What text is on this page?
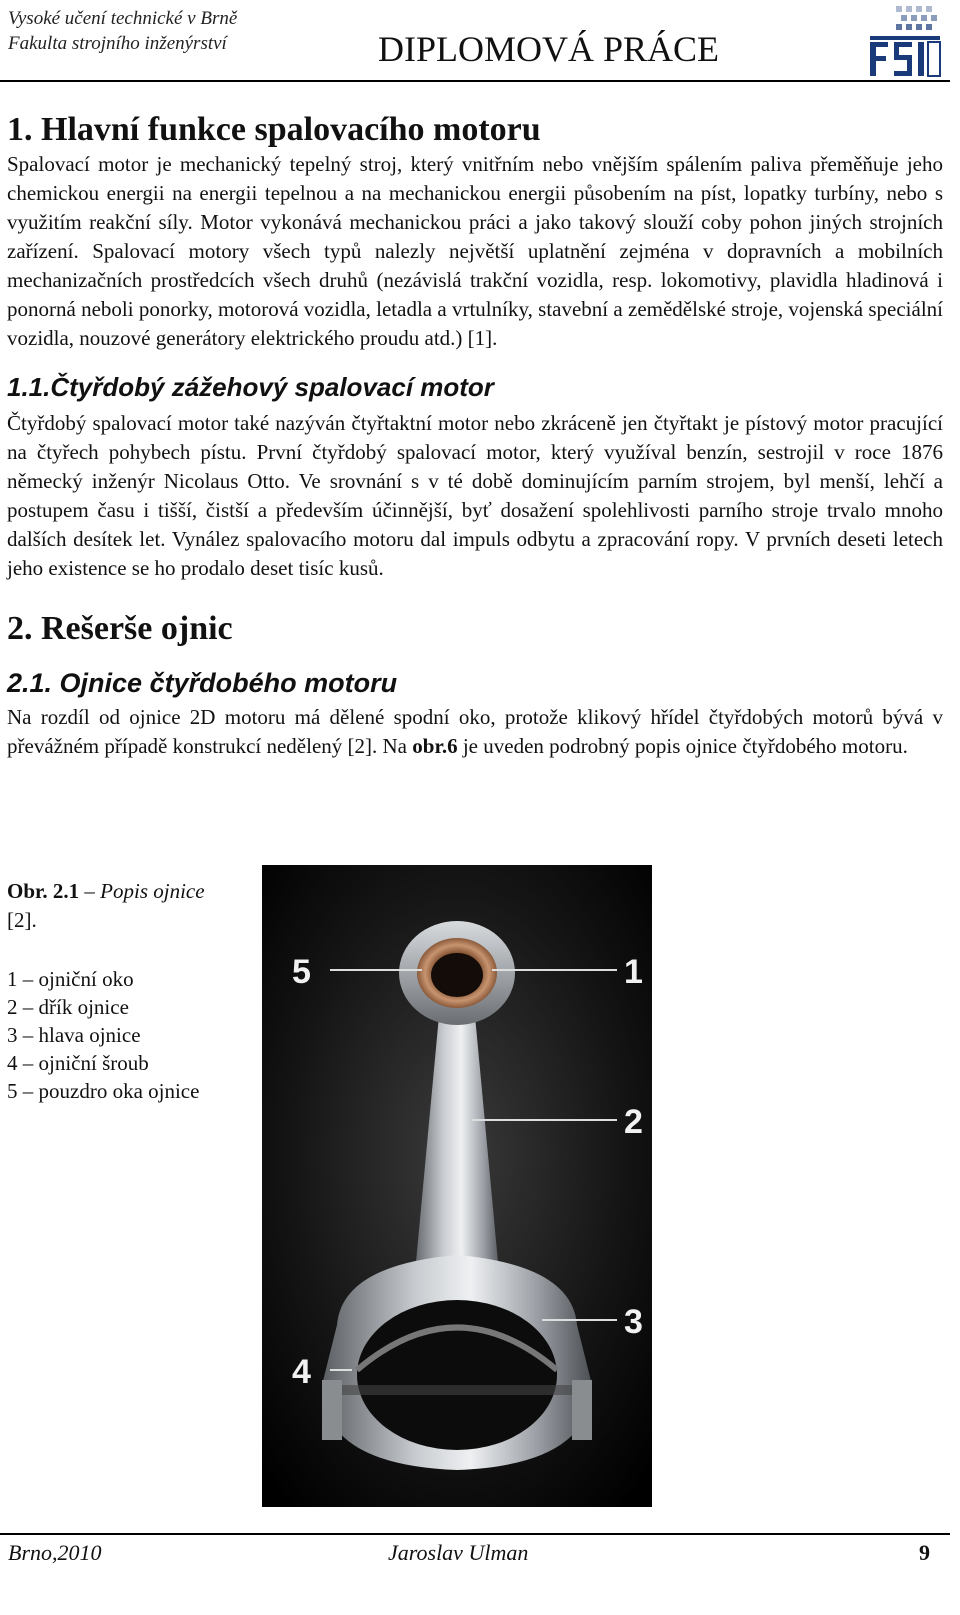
Vysoké učení technické v Brně
Fakulta strojního inženýrství	DIPLOMOVÁ PRÁCE
1. Hlavní funkce spalovacího motoru

Spalovací motor je mechanický tepelný stroj, který vnitřním nebo vnějším spálením paliva přeměňuje jeho chemickou energii na energii tepelnou a na mechanickou energii působením na píst, lopatky turbíny, nebo s využitím reakční síly. Motor vykonává mechanickou práci a jako takový slouží coby pohon jiných strojních zařízení. Spalovací motory všech typů nalezly největší uplatnění zejména v dopravních a mobilních mechanizačních prostředcích všech druhů (nezávislá trakční vozidla, resp. lokomotivy, plavidla hladinová i ponorná neboli ponorky, motorová vozidla, letadla a vrtulníky, stavební a zemědělské stroje, vojenská speciální vozidla, nouzové generátory elektrického proudu atd.) [1].

1.1.Čtyřdobý zážehový spalovací motor

Čtyřdobý spalovací motor také nazýván čtyřtaktní motor nebo zkráceně jen čtyřtakt je pístový motor pracující na čtyřech pohybech pístu. První čtyřdobý spalovací motor, který využíval benzín, sestrojil v roce 1876 německý inženýr Nicolaus Otto. Ve srovnání s v té době dominujícím parním strojem, byl menší, lehčí a postupem času i tišší, čistší a především účinnější, byť dosažení spolehlivosti parního stroje trvalo mnoho dalších desítek let. Vynález spalovacího motoru dal impuls odbytu a zpracování ropy. V prvních deseti letech jeho existence se ho prodalo deset tisíc kusů.

2. Rešerše ojnic
2.1. Ojnice čtyřdobého motoru

Na rozdíl od ojnice 2D motoru má dělené spodní oko, protože klikový hřídel čtyřdobých motorů bývá v převážném případě konstrukcí nedělený [2]. Na obr.6 je uveden podrobný popis ojnice čtyřdobého motoru.

Obr. 2.1 – Popis ojnice
[2].
1 – ojniční oko
2 – dřík ojnice
3 – hlava ojnice
4 – ojniční šroub
5 – pouzdro oka ojnice
5	1
2
3
4
Brno,2010	Jaroslav Ulman	9
